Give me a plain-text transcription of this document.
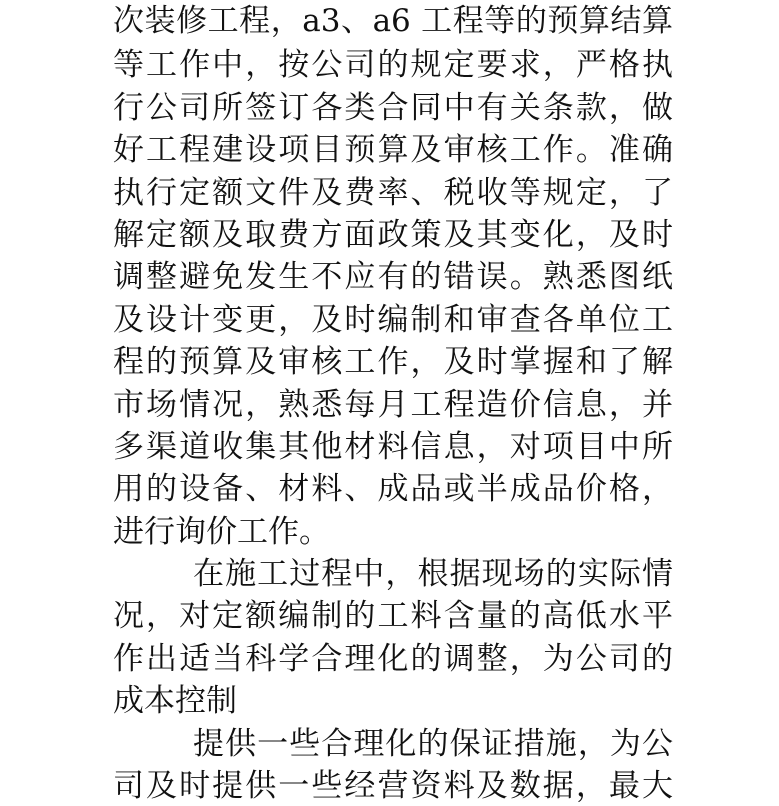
次装修工程，a3、a6 工程等的预算结算
等工作中，按公司的规定要求，严格执
行公司所签订各类合同中有关条款，做
好工程建设项目预算及审核工作。准确
执行定额文件及费率、税收等规定，了
解定额及取费方面政策及其变化，及时
调整避免发生不应有的错误。熟悉图纸
及设计变更，及时编制和审查各单位工
程的预算及审核工作，及时掌握和了解
市场情况，熟悉每月工程造价信息，并
多渠道收集其他材料信息，对项目中所
用的设备、材料、成品或半成品价格，
进行询价工作。
在施工过程中，根据现场的实际情
况，对定额编制的工料含量的高低水平
作出适当科学合理化的调整，为公司的
成本控制
提供一些合理化的保证措施，为公
司及时提供一些经营资料及数据，最大
